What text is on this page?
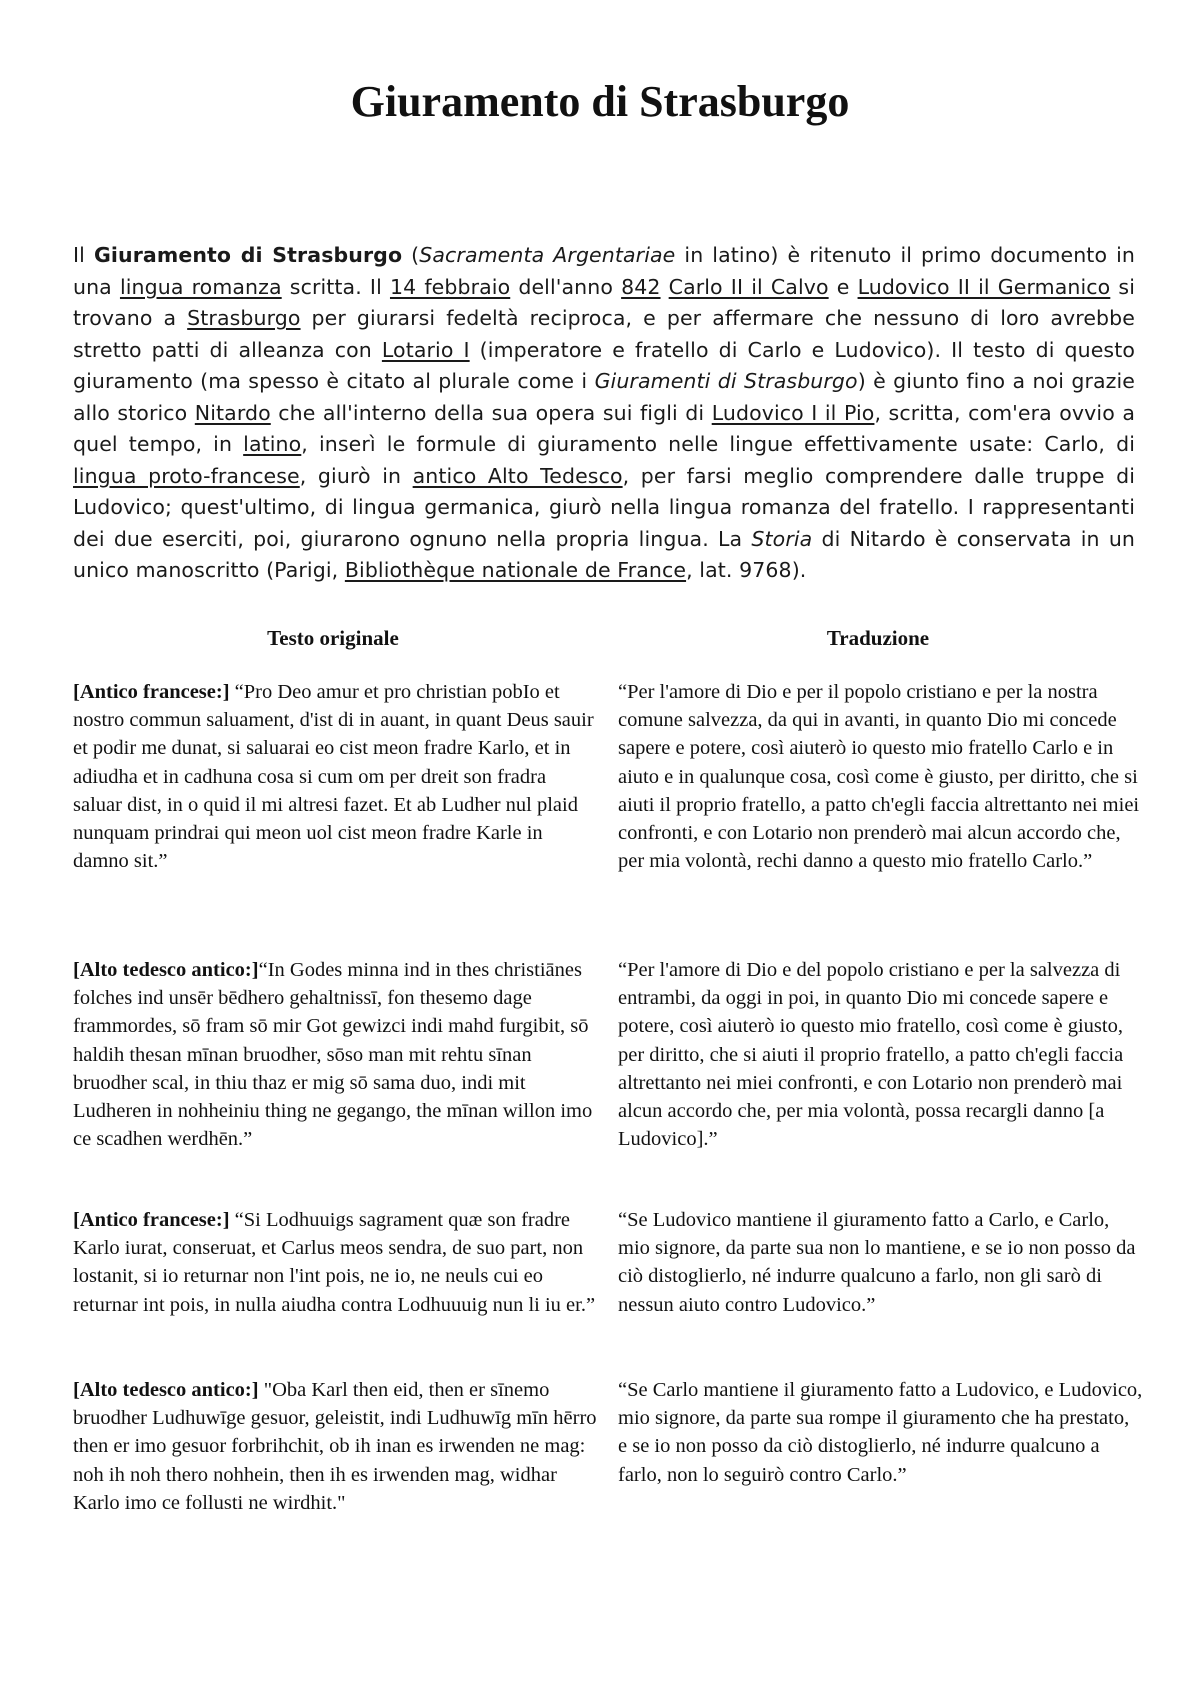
Giuramento di Strasburgo

Il Giuramento di Strasburgo (Sacramenta Argentariae in latino) è ritenuto il primo documento in una lingua romanza scritta. Il 14 febbraio dell'anno 842 Carlo II il Calvo e Ludovico II il Germanico si trovano a Strasburgo per giurarsi fedeltà reciproca, e per affermare che nessuno di loro avrebbe stretto patti di alleanza con Lotario I (imperatore e fratello di Carlo e Ludovico). Il testo di questo giuramento (ma spesso è citato al plurale come i Giuramenti di Strasburgo) è giunto fino a noi grazie allo storico Nitardo che all'interno della sua opera sui figli di Ludovico I il Pio, scritta, com'era ovvio a quel tempo, in latino, inserì le formule di giuramento nelle lingue effettivamente usate: Carlo, di lingua proto-francese, giurò in antico Alto Tedesco, per farsi meglio comprendere dalle truppe di Ludovico; quest'ultimo, di lingua germanica, giurò nella lingua romanza del fratello. I rappresentanti dei due eserciti, poi, giurarono ognuno nella propria lingua. La Storia di Nitardo è conservata in un unico manoscritto (Parigi, Bibliothèque nationale de France, lat. 9768).

Testo originale	Traduzione

[Antico francese:] “Pro Deo amur et pro christian pobIo et nostro commun saluament, d'ist di in auant, in quant Deus sauir et podir me dunat, si saluarai eo cist meon fradre Karlo, et in adiudha et in cadhuna cosa si cum om per dreit son fradra saluar dist, in o quid il mi altresi fazet. Et ab Ludher nul plaid nunquam prindrai qui meon uol cist meon fradre Karle in damno sit.”

“Per l'amore di Dio e per il popolo cristiano e per la nostra comune salvezza, da qui in avanti, in quanto Dio mi concede sapere e potere, così aiuterò io questo mio fratello Carlo e in aiuto e in qualunque cosa, così come è giusto, per diritto, che si aiuti il proprio fratello, a patto ch'egli faccia altrettanto nei miei confronti, e con Lotario non prenderò mai alcun accordo che, per mia volontà, rechi danno a questo mio fratello Carlo.”

[Alto tedesco antico:]“In Godes minna ind in thes christiānes folches ind unsēr bēdhero gehaltnissī, fon thesemo dage frammordes, sō fram sō mir Got gewizci indi mahd furgibit, sō haldih thesan mīnan bruodher, sōso man mit rehtu sīnan bruodher scal, in thiu thaz er mig sō sama duo, indi mit Ludheren in nohheiniu thing ne gegango, the mīnan willon imo ce scadhen werdhēn.”

“Per l'amore di Dio e del popolo cristiano e per la salvezza di entrambi, da oggi in poi, in quanto Dio mi concede sapere e potere, così aiuterò io questo mio fratello, così come è giusto, per diritto, che si aiuti il proprio fratello, a patto ch'egli faccia altrettanto nei miei confronti, e con Lotario non prenderò mai alcun accordo che, per mia volontà, possa recargli danno [a Ludovico].”

[Antico francese:] “Si Lodhuuigs sagrament quæ son fradre Karlo iurat, conseruat, et Carlus meos sendra, de suo part, non lostanit, si io returnar non l'int pois, ne io, ne neuls cui eo returnar int pois, in nulla aiudha contra Lodhuuuig nun li iu er.”

“Se Ludovico mantiene il giuramento fatto a Carlo, e Carlo, mio signore, da parte sua non lo mantiene, e se io non posso da ciò distoglierlo, né indurre qualcuno a farlo, non gli sarò di nessun aiuto contro Ludovico.”

[Alto tedesco antico:] "Oba Karl then eid, then er sīnemo bruodher Ludhuwīge gesuor, geleistit, indi Ludhuwīg mīn hērro then er imo gesuor forbrihchit, ob ih inan es irwenden ne mag: noh ih noh thero nohhein, then ih es irwenden mag, widhar Karlo imo ce follusti ne wirdhit."

“Se Carlo mantiene il giuramento fatto a Ludovico, e Ludovico, mio signore, da parte sua rompe il giuramento che ha prestato, e se io non posso da ciò distoglierlo, né indurre qualcuno a farlo, non lo seguirò contro Carlo.”
